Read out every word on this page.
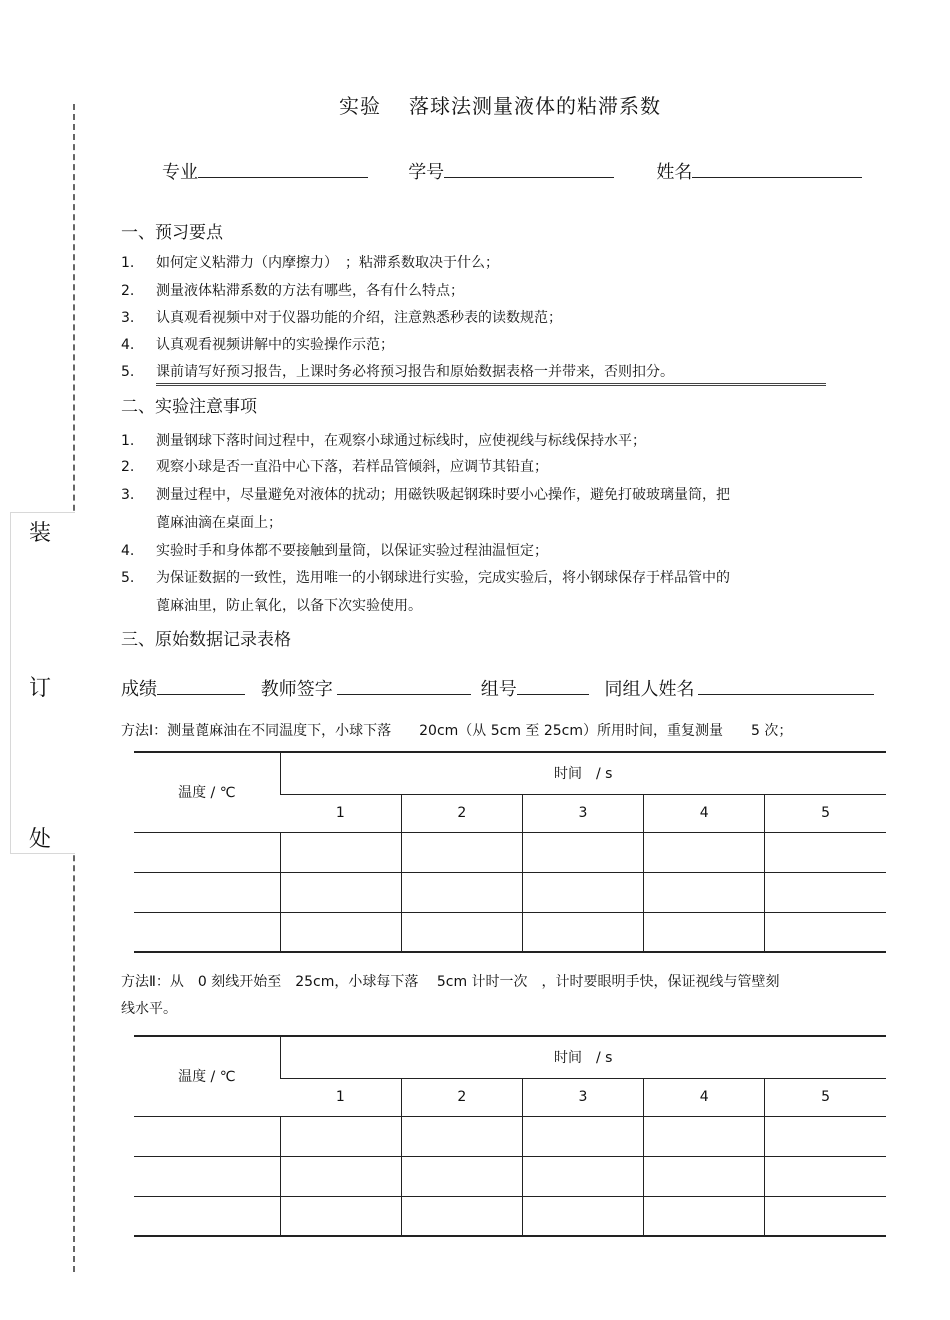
装
订
处
实验 落球法测量液体的粘滞系数
专业	学号	姓名
一、预习要点
1. 如何定义粘滞力（内摩擦力）　；粘滞系数取决于什么；
2. 测量液体粘滞系数的方法有哪些，各有什么特点；
3. 认真观看视频中对于仪器功能的介绍，注意熟悉秒表的读数规范；
4. 认真观看视频讲解中的实验操作示范；
5. 课前请写好预习报告，上课时务必将预习报告和原始数据表格一并带来，否则扣分。
二、实验注意事项
1. 测量钢球下落时间过程中，在观察小球通过标线时，应使视线与标线保持水平；
2. 观察小球是否一直沿中心下落，若样品管倾斜，应调节其铅直；
3. 测量过程中，尽量避免对液体的扰动；用磁铁吸起钢珠时要小心操作，避免打破玻璃量筒，把
蓖麻油滴在桌面上；
4. 实验时手和身体都不要接触到量筒，以保证实验过程油温恒定；
5. 为保证数据的一致性，选用唯一的小钢球进行实验，完成实验后，将小钢球保存于样品管中的
蓖麻油里，防止氧化，以备下次实验使用。
三、原始数据记录表格
成绩	教师签字	组号	同组人姓名
方法Ⅰ：测量蓖麻油在不同温度下，小球下落　　20cm（从 5cm 至 25cm）所用时间，重复测量　　5 次；
温度 / ℃	时间　/ s				
	1	2	3	4	5

方法Ⅱ：从　0 刻线开始至　25cm，小球每下落　 5cm 计时一次　，计时要眼明手快，保证视线与管壁刻
线水平。
温度 / ℃	时间　/ s				
	1	2	3	4	5
